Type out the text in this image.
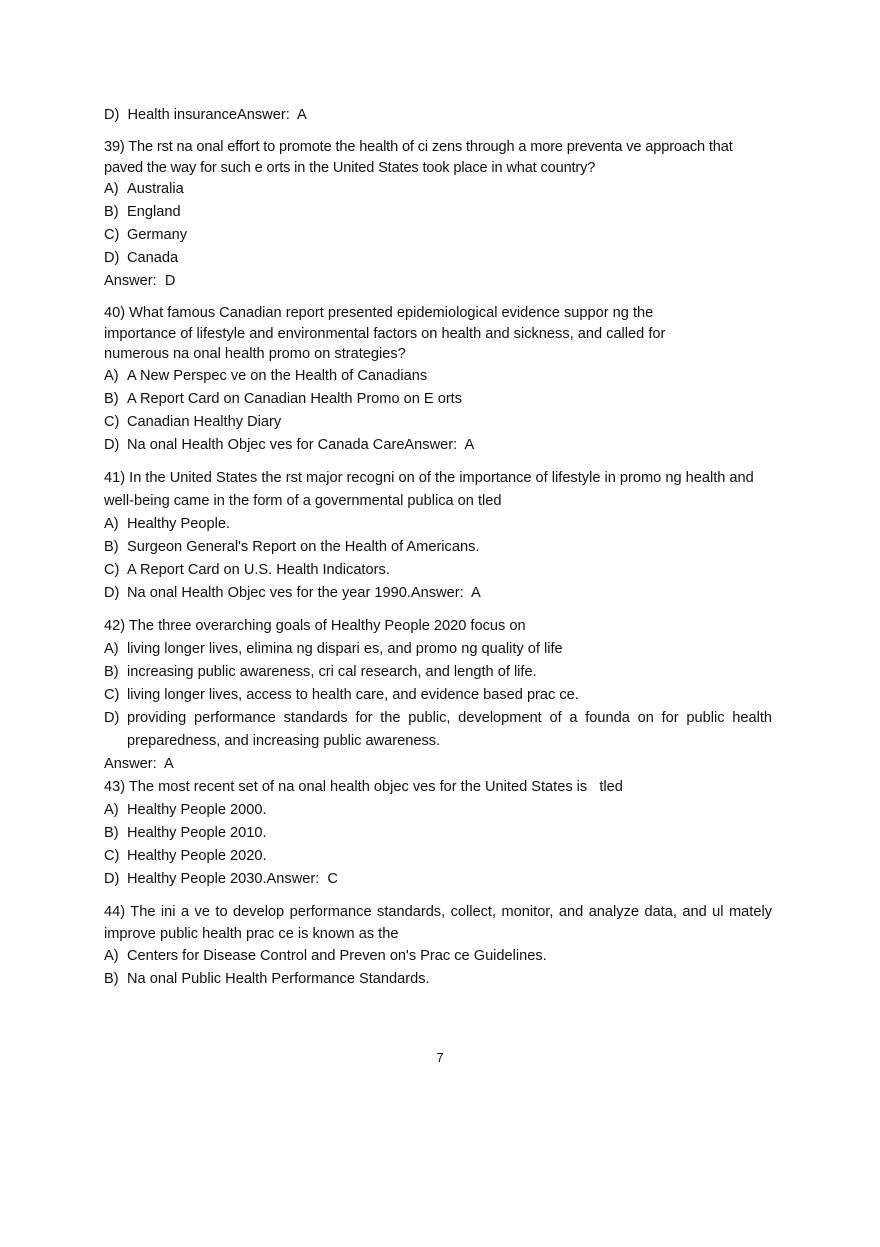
D)  Health insuranceAnswer:  A
39) The rst na onal effort to promote the health of ci zens through a more preventa ve approach that paved the way for such e orts in the United States took place in what country?
A) Australia
B) England
C) Germany
D) Canada
Answer:  D
40) What famous Canadian report presented epidemiological evidence suppor ng the importance of lifestyle and environmental factors on health and sickness, and called for numerous na onal health promo on strategies?
A) A New Perspec ve on the Health of Canadians
B) A Report Card on Canadian Health Promo on E orts
C) Canadian Healthy Diary
D) Na onal Health Objec ves for Canada CareAnswer:  A
41) In the United States the rst major recogni on of the importance of lifestyle in promo ng health and well-being came in the form of a governmental publica on tled
A) Healthy People.
B) Surgeon General's Report on the Health of Americans.
C) A Report Card on U.S. Health Indicators.
D) Na onal Health Objec ves for the year 1990.Answer:  A
42) The three overarching goals of Healthy People 2020 focus on
A) living longer lives, elimina ng dispari es, and promo ng quality of life
B) increasing public awareness, cri cal research, and length of life.
C) living longer lives, access to health care, and evidence based prac ce.
D) providing performance standards for the public, development of a founda on for public health preparedness, and increasing public awareness.
Answer:  A
43) The most recent set of na onal health objec ves for the United States is   tled
A) Healthy People 2000.
B) Healthy People 2010.
C) Healthy People 2020.
D) Healthy People 2030.Answer:  C
44) The ini a ve to develop performance standards, collect, monitor, and analyze data, and ul mately improve public health prac ce is known as the
A) Centers for Disease Control and Preven on's Prac ce Guidelines.
B) Na onal Public Health Performance Standards.
7
